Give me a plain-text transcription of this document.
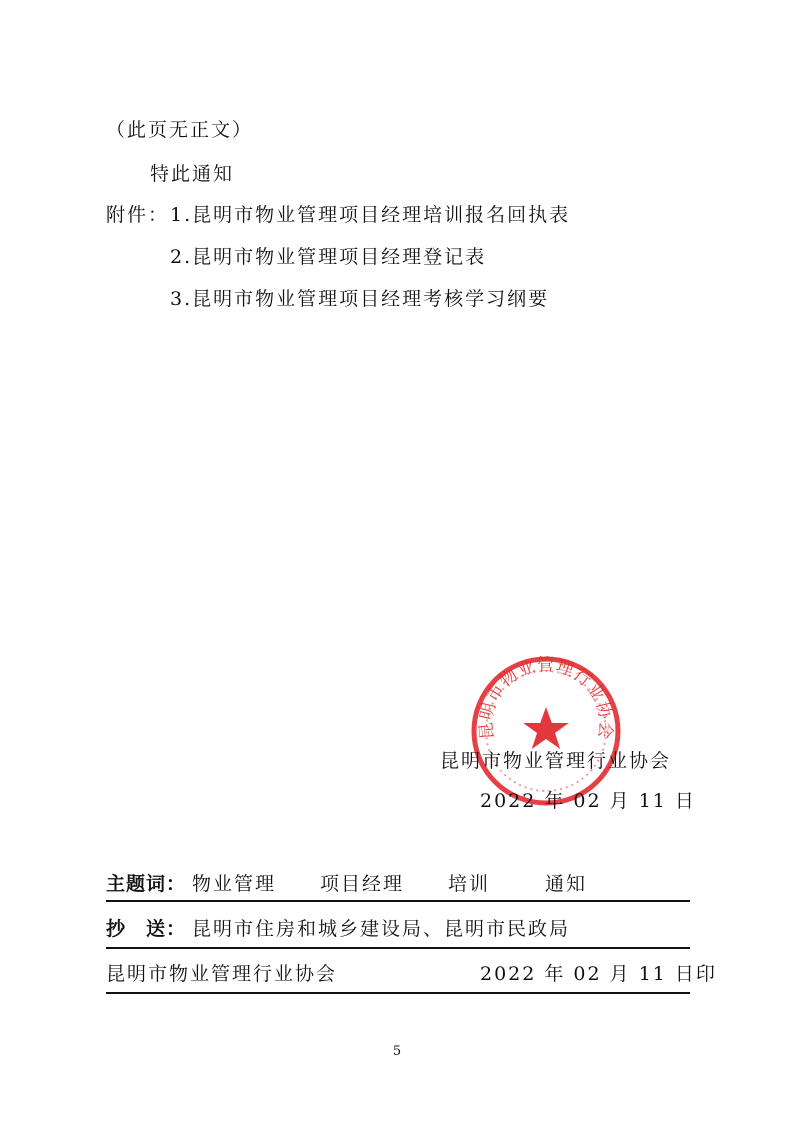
（此页无正文）
特此通知
附件： 1.昆明市物业管理项目经理培训报名回执表
2.昆明市物业管理项目经理登记表
3.昆明市物业管理项目经理考核学习纲要
昆明市物业管理行业协会
昆明市物业管理行业协会
2022 年 02 月 11 日
主题词： 物业管理 项目经理 培训	通知
抄　送： 昆明市住房和城乡建设局、昆明市民政局
昆明市物业管理行业协会	2022 年 02 月 11 日印
5
